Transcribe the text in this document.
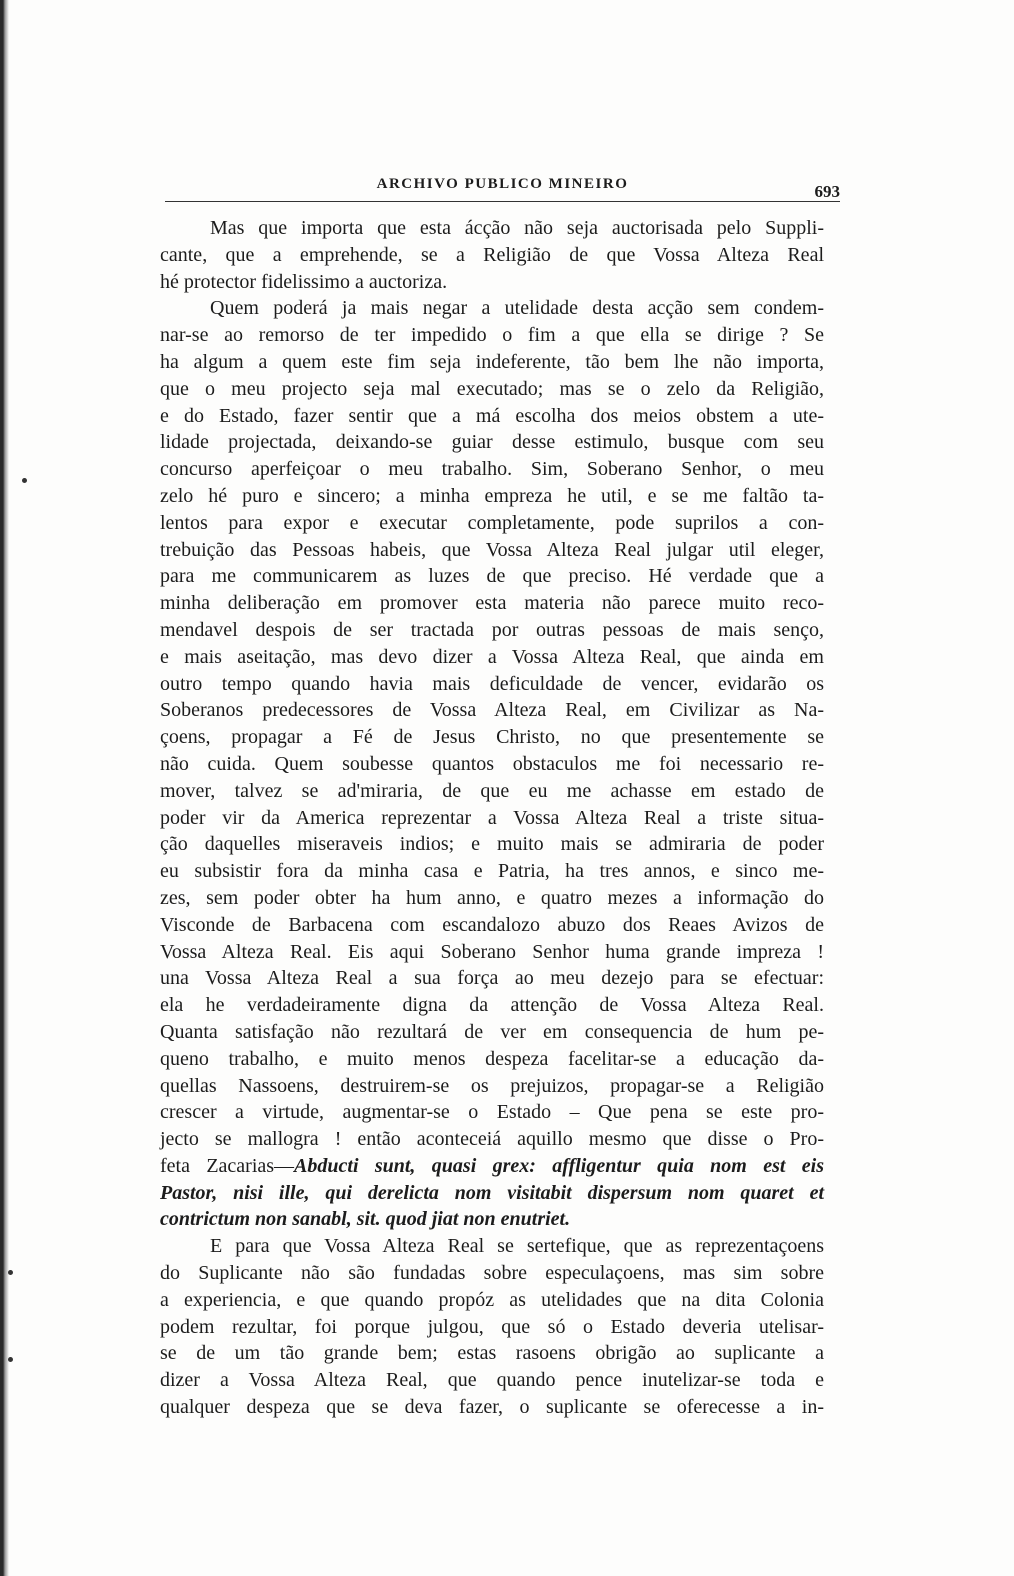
ARCHIVO PUBLICO MINEIRO	693
Mas que importa que esta ácção não seja auctorisada pelo Suppli-
cante, que a emprehende, se a Religião de que Vossa Alteza Real
hé protector fidelissimo a auctoriza.
Quem poderá ja mais negar a utelidade desta acção sem condem-
nar-se ao remorso de ter impedido o fim a que ella se dirige ? Se
ha algum a quem este fim seja indeferente, tão bem lhe não importa,
que o meu projecto seja mal executado; mas se o zelo da Religião,
e do Estado, fazer sentir que a má escolha dos meios obstem a ute-
lidade projectada, deixando-se guiar desse estimulo, busque com seu
concurso aperfeiçoar o meu trabalho. Sim, Soberano Senhor, o meu
zelo hé puro e sincero; a minha empreza he util, e se me faltão ta-
lentos para expor e executar completamente, pode suprilos a con-
trebuição das Pessoas habeis, que Vossa Alteza Real julgar util eleger,
para me communicarem as luzes de que preciso. Hé verdade que a
minha deliberação em promover esta materia não parece muito reco-
mendavel despois de ser tractada por outras pessoas de mais senço,
e mais aseitação, mas devo dizer a Vossa Alteza Real, que ainda em
outro tempo quando havia mais deficuldade de vencer, evidarão os
Soberanos predecessores de Vossa Alteza Real, em Civilizar as Na-
çoens, propagar a Fé de Jesus Christo, no que presentemente se
não cuida. Quem soubesse quantos obstaculos me foi necessario re-
mover, talvez se ad'miraria, de que eu me achasse em estado de
poder vir da America reprezentar a Vossa Alteza Real a triste situa-
ção daquelles miseraveis indios; e muito mais se admiraria de poder
eu subsistir fora da minha casa e Patria, ha tres annos, e sinco me-
zes, sem poder obter ha hum anno, e quatro mezes a informação do
Visconde de Barbacena com escandalozo abuzo dos Reaes Avizos de
Vossa Alteza Real. Eis aqui Soberano Senhor huma grande impreza !
una Vossa Alteza Real a sua força ao meu dezejo para se efectuar:
ela he verdadeiramente digna da attenção de Vossa Alteza Real.
Quanta satisfação não rezultará de ver em consequencia de hum pe-
queno trabalho, e muito menos despeza facelitar-se a educação da-
quellas Nassoens, destruirem-se os prejuizos, propagar-se a Religião
crescer a virtude, augmentar-se o Estado – Que pena se este pro-
jecto se mallogra ! então aconteceiá aquillo mesmo que disse o Pro-
feta Zacarias—Abducti sunt, quasi grex: affligentur quia nom est eis
Pastor, nisi ille, qui derelicta nom visitabit dispersum nom quaret et
contrictum non sanabl, sit. quod jiat non enutriet.
E para que Vossa Alteza Real se sertefique, que as reprezentaçoens
do Suplicante não são fundadas sobre especulaçoens, mas sim sobre
a experiencia, e que quando propóz as utelidades que na dita Colonia
podem rezultar, foi porque julgou, que só o Estado deveria utelisar-
se de um tão grande bem; estas rasoens obrigão ao suplicante a
dizer a Vossa Alteza Real, que quando pence inutelizar-se toda e
qualquer despeza que se deva fazer, o suplicante se oferecesse a in-
